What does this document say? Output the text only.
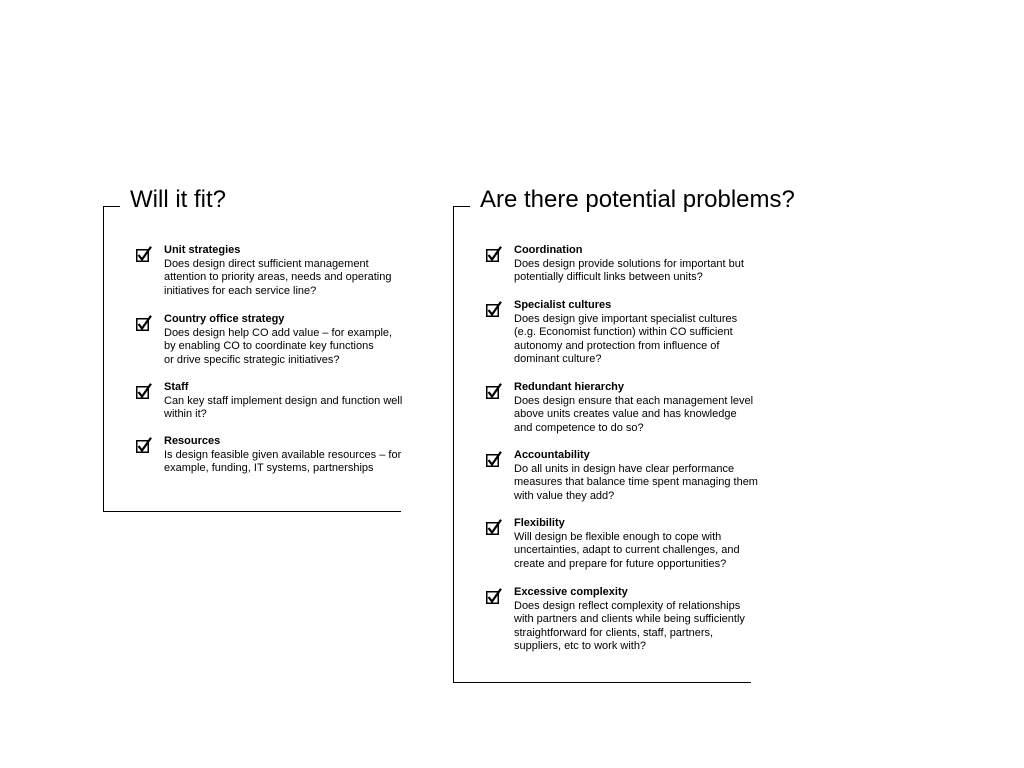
Will it fit?
Unit strategies
Does design direct sufficient management
attention to priority areas, needs and operating
initiatives for each service line?
Country office strategy
Does design help CO add value – for example,
by enabling CO to coordinate key functions
or drive specific strategic initiatives?
Staff
Can key staff implement design and function well
within it?
Resources
Is design feasible given available resources – for
example, funding, IT systems, partnerships
Are there potential problems?
Coordination
Does design provide solutions for important but
potentially difficult links between units?
Specialist cultures
Does design give important specialist cultures
(e.g. Economist function) within CO sufficient
autonomy and protection from influence of
dominant culture?
Redundant hierarchy
Does design ensure that each management level
above units creates value and has knowledge
and competence to do so?
Accountability
Do all units in design have clear performance
measures that balance time spent managing them
with value they add?
Flexibility
Will design be flexible enough to cope with
uncertainties, adapt to current challenges, and
create and prepare for future opportunities?
Excessive complexity
Does design reflect complexity of relationships
with partners and clients while being sufficiently
straightforward for clients, staff, partners,
suppliers, etc to work with?
